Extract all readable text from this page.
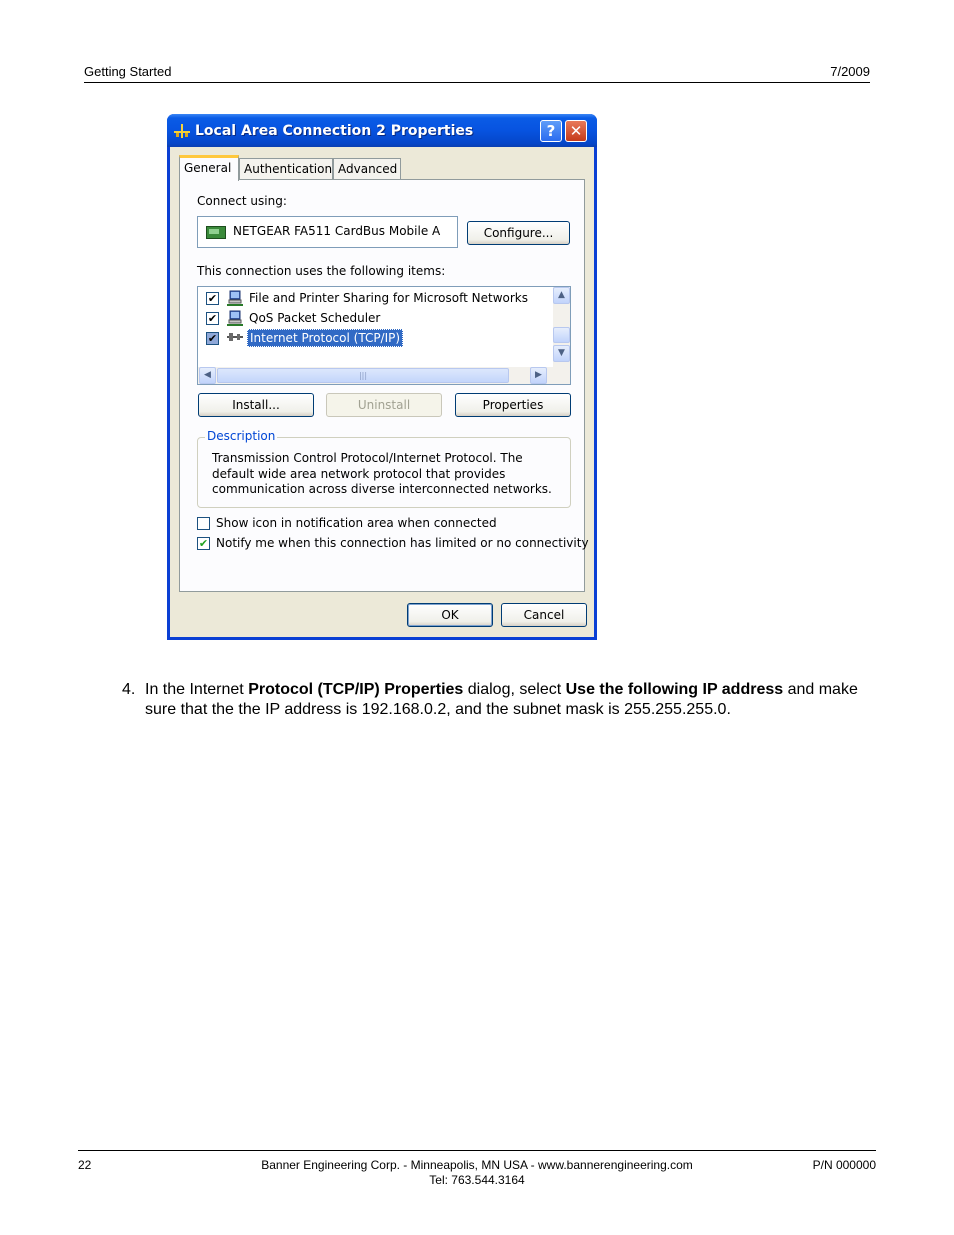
Getting Started	7/2009
Local Area Connection 2 Properties	? ✕
General	Authentication Advanced
Connect using:
NETGEAR FA511 CardBus Mobile A	Configure...
This connection uses the following items:
✔
File and Printer Sharing for Microsoft Networks
✔
QoS Packet Scheduler
✔
Internet Protocol (TCP/IP)
▲
▼
◀	|||	▶
Install...	Uninstall	Properties
Description
Transmission Control Protocol/Internet Protocol. The default wide area network protocol that provides communication across diverse interconnected networks.
Show icon in notification area when connected
✔
Notify me when this connection has limited or no connectivity
OK	Cancel
4. In the Internet Protocol (TCP/IP) Properties dialog, select Use the following IP address and make sure that the the IP address is 192.168.0.2, and the subnet mask is 255.255.255.0.
22	Banner Engineering Corp. - Minneapolis, MN USA - www.bannerengineering.com
Tel: 763.544.3164
P/N 000000
